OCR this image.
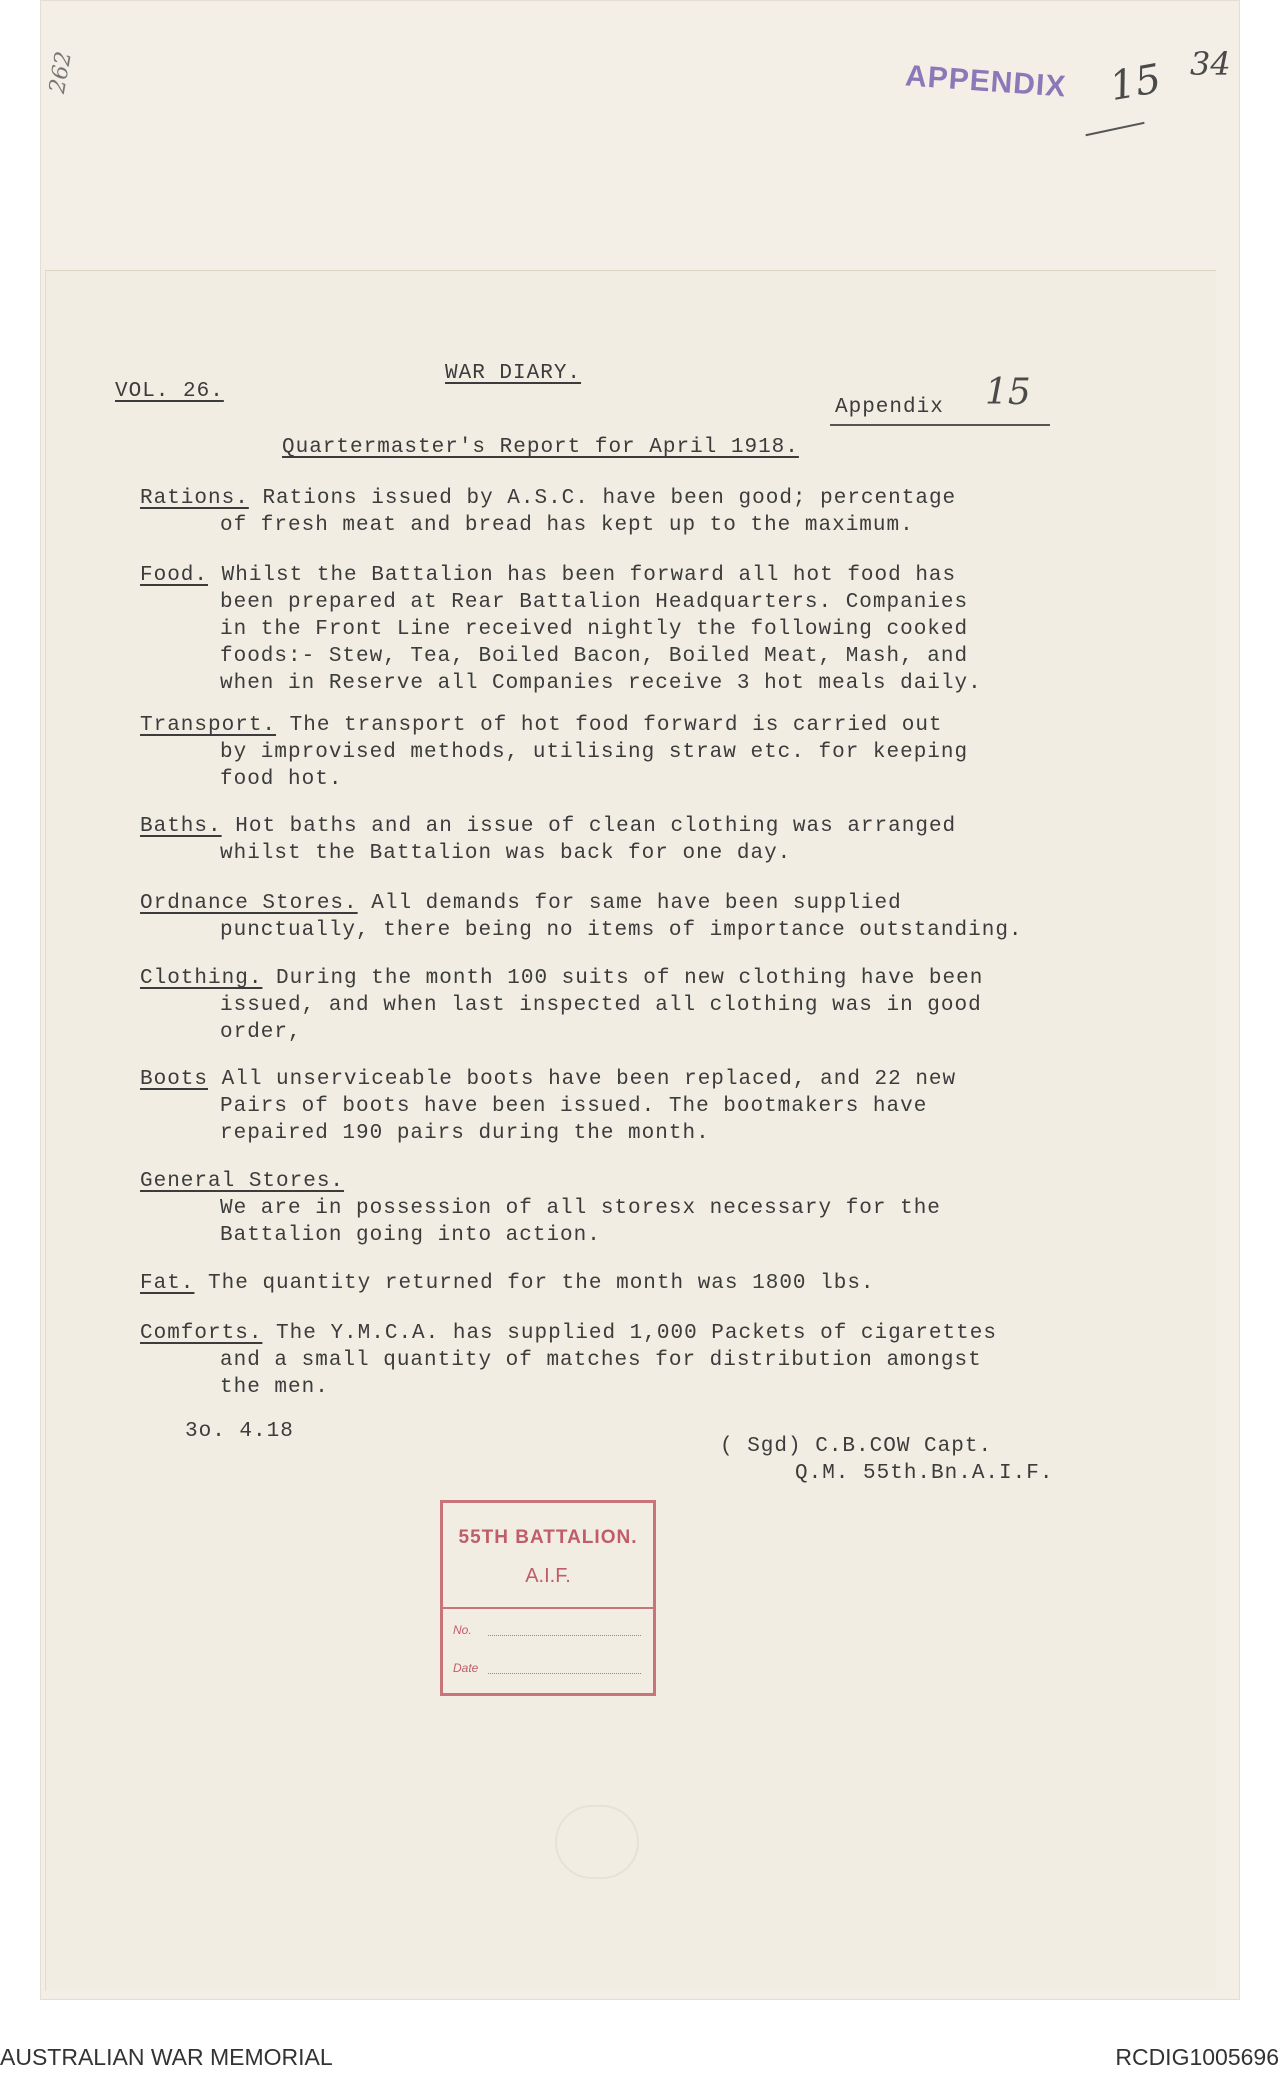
262	APPENDIX 15 34
WAR DIARY.
VOL. 26.
Appendix 15
Quartermaster's Report for April 1918.
Rations. Rations issued by A.S.C. have been good; percentage
of fresh meat and bread has kept up to the maximum.
Food. Whilst the Battalion has been forward all hot food has
been prepared at Rear Battalion Headquarters. Companies
in the Front Line received nightly the following cooked
foods:- Stew, Tea, Boiled Bacon, Boiled Meat, Mash, and
when in Reserve all Companies receive 3 hot meals daily.
Transport. The transport of hot food forward is carried out
by improvised methods, utilising straw etc. for keeping
food hot.
Baths. Hot baths and an issue of clean clothing was arranged
whilst the Battalion was back for one day.
Ordnance Stores. All demands for same have been supplied
punctually, there being no items of importance outstanding.
Clothing. During the month 100 suits of new clothing have been
issued, and when last inspected all clothing was in good
order,
Boots All unserviceable boots have been replaced, and 22 new
Pairs of boots have been issued. The bootmakers have
repaired 190 pairs during the month.
General Stores.
We are in possession of all storesx necessary for the
Battalion going into action.
Fat. The quantity returned for the month was 1800 lbs.
Comforts. The Y.M.C.A. has supplied 1,000 Packets of cigarettes
and a small quantity of matches for distribution amongst
the men.
3o. 4.18
( Sgd) C.B.COW Capt.
Q.M. 55th.Bn.A.I.F.
55TH BATTALION.
A.I.F.
No.
Date
AUSTRALIAN WAR MEMORIAL	RCDIG1005696
